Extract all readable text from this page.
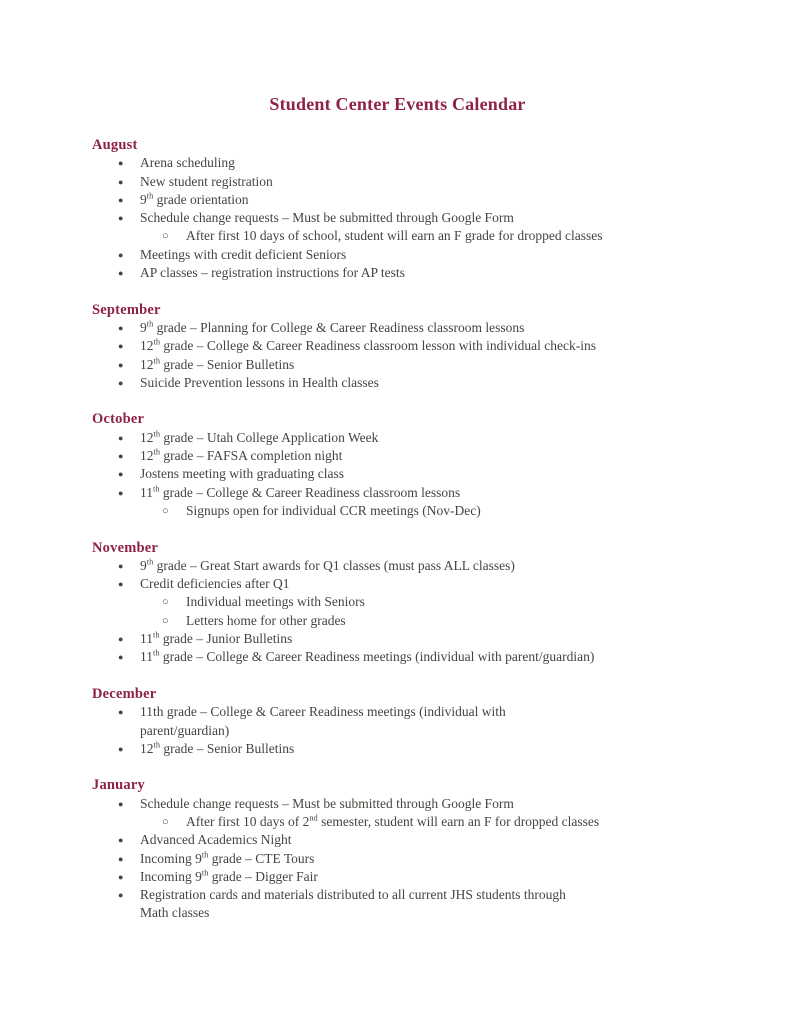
Student Center Events Calendar
August
● Arena scheduling
● New student registration
● 9th grade orientation
● Schedule change requests – Must be submitted through Google Form
○ After first 10 days of school, student will earn an F grade for dropped classes
● Meetings with credit deficient Seniors
● AP classes – registration instructions for AP tests
September
● 9th grade – Planning for College & Career Readiness classroom lessons
● 12th grade – College & Career Readiness classroom lesson with individual check-ins
● 12th grade – Senior Bulletins
● Suicide Prevention lessons in Health classes
October
● 12th grade – Utah College Application Week
● 12th grade – FAFSA completion night
● Jostens meeting with graduating class
● 11th grade – College & Career Readiness classroom lessons
○ Signups open for individual CCR meetings (Nov-Dec)
November
● 9th grade – Great Start awards for Q1 classes (must pass ALL classes)
● Credit deficiencies after Q1
○ Individual meetings with Seniors
○ Letters home for other grades
● 11th grade – Junior Bulletins
● 11th grade – College & Career Readiness meetings (individual with parent/guardian)
December
● 11th grade – College & Career Readiness meetings (individual with
parent/guardian)
● 12th grade – Senior Bulletins
January
● Schedule change requests – Must be submitted through Google Form
○ After first 10 days of 2nd semester, student will earn an F for dropped classes
● Advanced Academics Night
● Incoming 9th grade – CTE Tours
● Incoming 9th grade – Digger Fair
● Registration cards and materials distributed to all current JHS students through
Math classes
